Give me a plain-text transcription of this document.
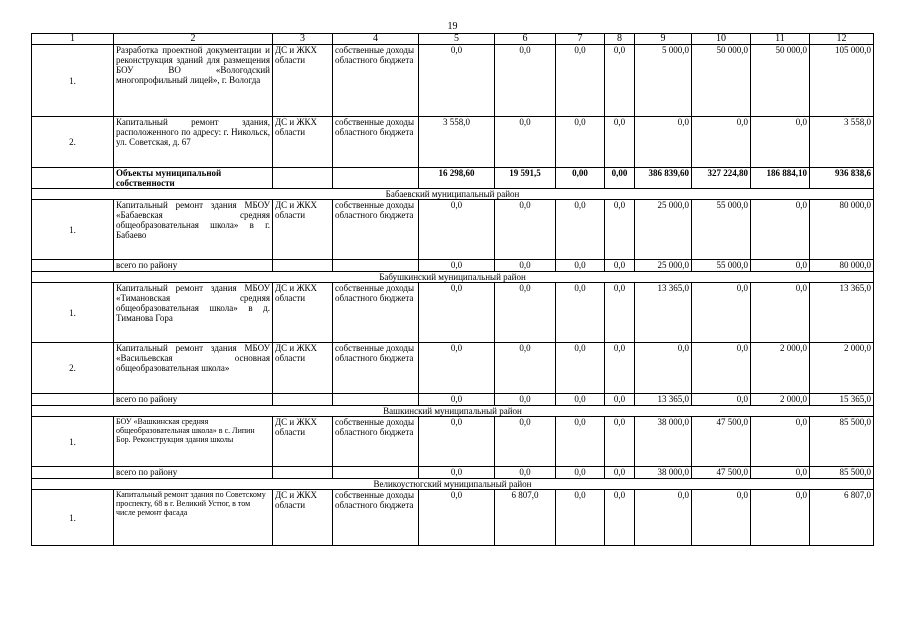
19
1	2	3	4	5	6	7	8	9	10	11	12
1.	Разработка проектной документации и реконструкция зданий для размещения БОУ ВО «Вологодский многопрофильный лицей», г. Вологда	ДС и ЖКХ области	собственные доходы областного бюджета	0,0	0,0	0,0	0,0	5 000,0	50 000,0	50 000,0	105 000,0
2.	Капитальный ремонт здания, расположенного по адресу: г. Никольск, ул. Советская, д. 67	ДС и ЖКХ области	собственные доходы областного бюджета	3 558,0	0,0	0,0	0,0	0,0	0,0	0,0	3 558,0
	Объекты муниципальной собственности			16 298,60	19 591,5	0,00	0,00	386 839,60	327 224,80	186 884,10	936 838,6
Бабаевский муниципальный район											
1.	Капитальный ремонт здания МБОУ «Бабаевская средняя общеобразовательная школа» в г. Бабаево	ДС и ЖКХ области	собственные доходы областного бюджета	0,0	0,0	0,0	0,0	25 000,0	55 000,0	0,0	80 000,0
	всего по району			0,0	0,0	0,0	0,0	25 000,0	55 000,0	0,0	80 000,0
Бабушкинский муниципальный район											
1.	Капитальный ремонт здания МБОУ «Тимановская средняя общеобразовательная школа» в д. Тиманова Гора	ДС и ЖКХ области	собственные доходы областного бюджета	0,0	0,0	0,0	0,0	13 365,0	0,0	0,0	13 365,0
2.	Капитальный ремонт здания МБОУ «Васильевская основная общеобразовательная школа»	ДС и ЖКХ области	собственные доходы областного бюджета	0,0	0,0	0,0	0,0	0,0	0,0	2 000,0	2 000,0
	всего по району			0,0	0,0	0,0	0,0	13 365,0	0,0	2 000,0	15 365,0
Вашкинский муниципальный район											
1.	БОУ «Вашкинская средняя общеобразовательная школа» в с. Липин Бор. Реконструкция здания школы	ДС и ЖКХ области	собственные доходы областного бюджета	0,0	0,0	0,0	0,0	38 000,0	47 500,0	0,0	85 500,0
	всего по району			0,0	0,0	0,0	0,0	38 000,0	47 500,0	0,0	85 500,0
Великоустюгский муниципальный район											
1.	Капитальный ремонт здания по Советскому проспекту, 68 в г. Великий Устюг, в том числе ремонт фасада	ДС и ЖКХ области	собственные доходы областного бюджета	0,0	6 807,0	0,0	0,0	0,0	0,0	0,0	6 807,0
